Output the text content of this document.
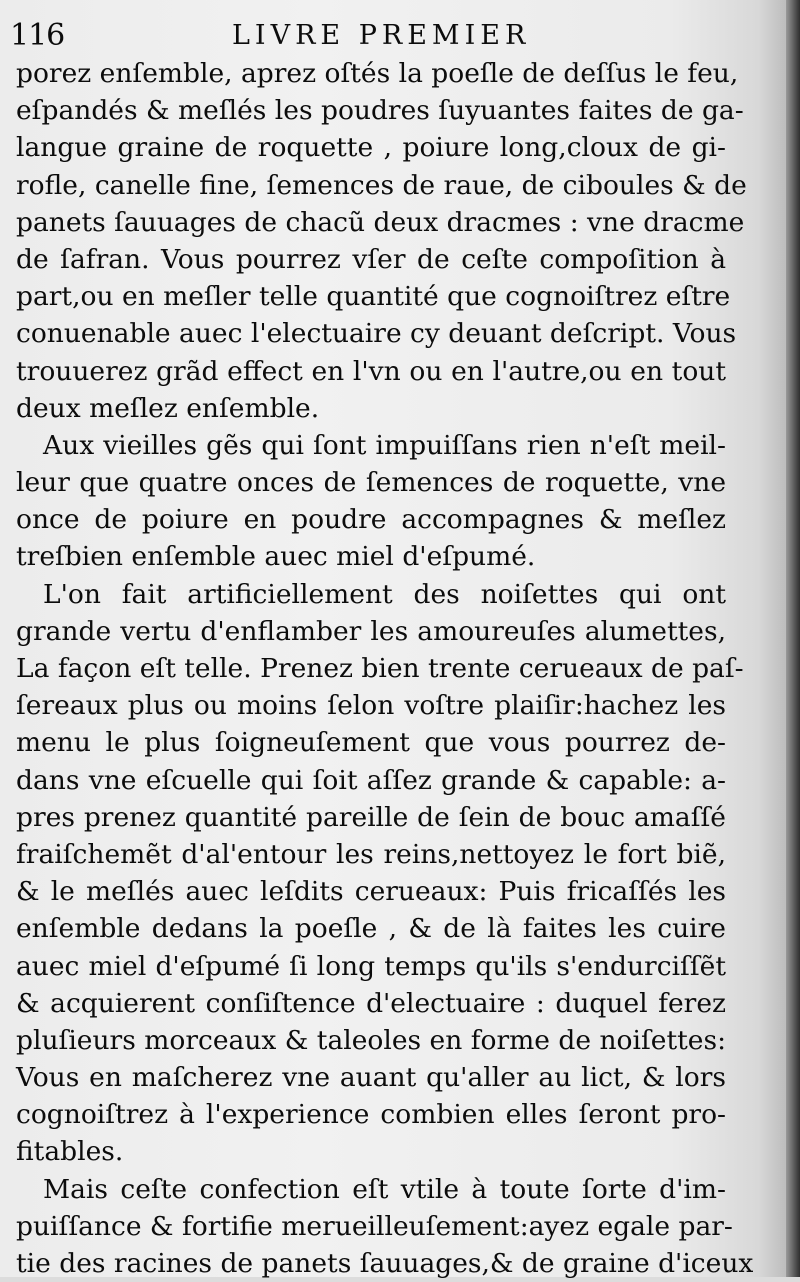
116	LIVRE PREMIER
porez enſemble, aprez oſtés la poeſle de deſſus le feu,
eſpandés & meſlés les poudres ſuyuantes faites de ga-
langue graine de roquette , poiure long,cloux de gi-
rofle, canelle fine, ſemences de raue, de ciboules & de
panets ſauuages de chacũ deux dracmes : vne dracme
de ſafran. Vous pourrez vſer de ceſte compoſition à
part,ou en meſler telle quantité que cognoiſtrez eſtre
conuenable auec l'electuaire cy deuant deſcript. Vous
trouuerez grãd effect en l'vn ou en l'autre,ou en tout
deux meſlez enſemble.
Aux vieilles gẽs qui ſont impuiſſans rien n'eſt meil-
leur que quatre onces de ſemences de roquette, vne
once de poiure en poudre accompagnes & meſlez
treſbien enſemble auec miel d'eſpumé.
L'on fait artificiellement des noiſettes qui ont
grande vertu d'enflamber les amoureuſes alumettes,
La façon eſt telle. Prenez bien trente cerueaux de paſ-
ſereaux plus ou moins ſelon voſtre plaiſir:hachez les
menu le plus ſoigneuſement que vous pourrez de-
dans vne eſcuelle qui ſoit aſſez grande & capable: a-
pres prenez quantité pareille de ſein de bouc amaſſé
fraiſchemẽt d'al'entour les reins,nettoyez le fort biẽ,
& le meſlés auec leſdits cerueaux: Puis fricaſſés les
enſemble dedans la poeſle , & de là faites les cuire
auec miel d'eſpumé ſi long temps qu'ils s'endurciſſẽt
& acquierent conſiſtence d'electuaire : duquel ferez
pluſieurs morceaux & taleoles en forme de noiſettes:
Vous en maſcherez vne auant qu'aller au lict, & lors
cognoiſtrez à l'experience combien elles ſeront pro-
fitables.
Mais ceſte confection eſt vtile à toute ſorte d'im-
puiſſance & fortifie merueilleuſement:ayez egale par-
tie des racines de panets ſauuages,& de graine d'iceux
